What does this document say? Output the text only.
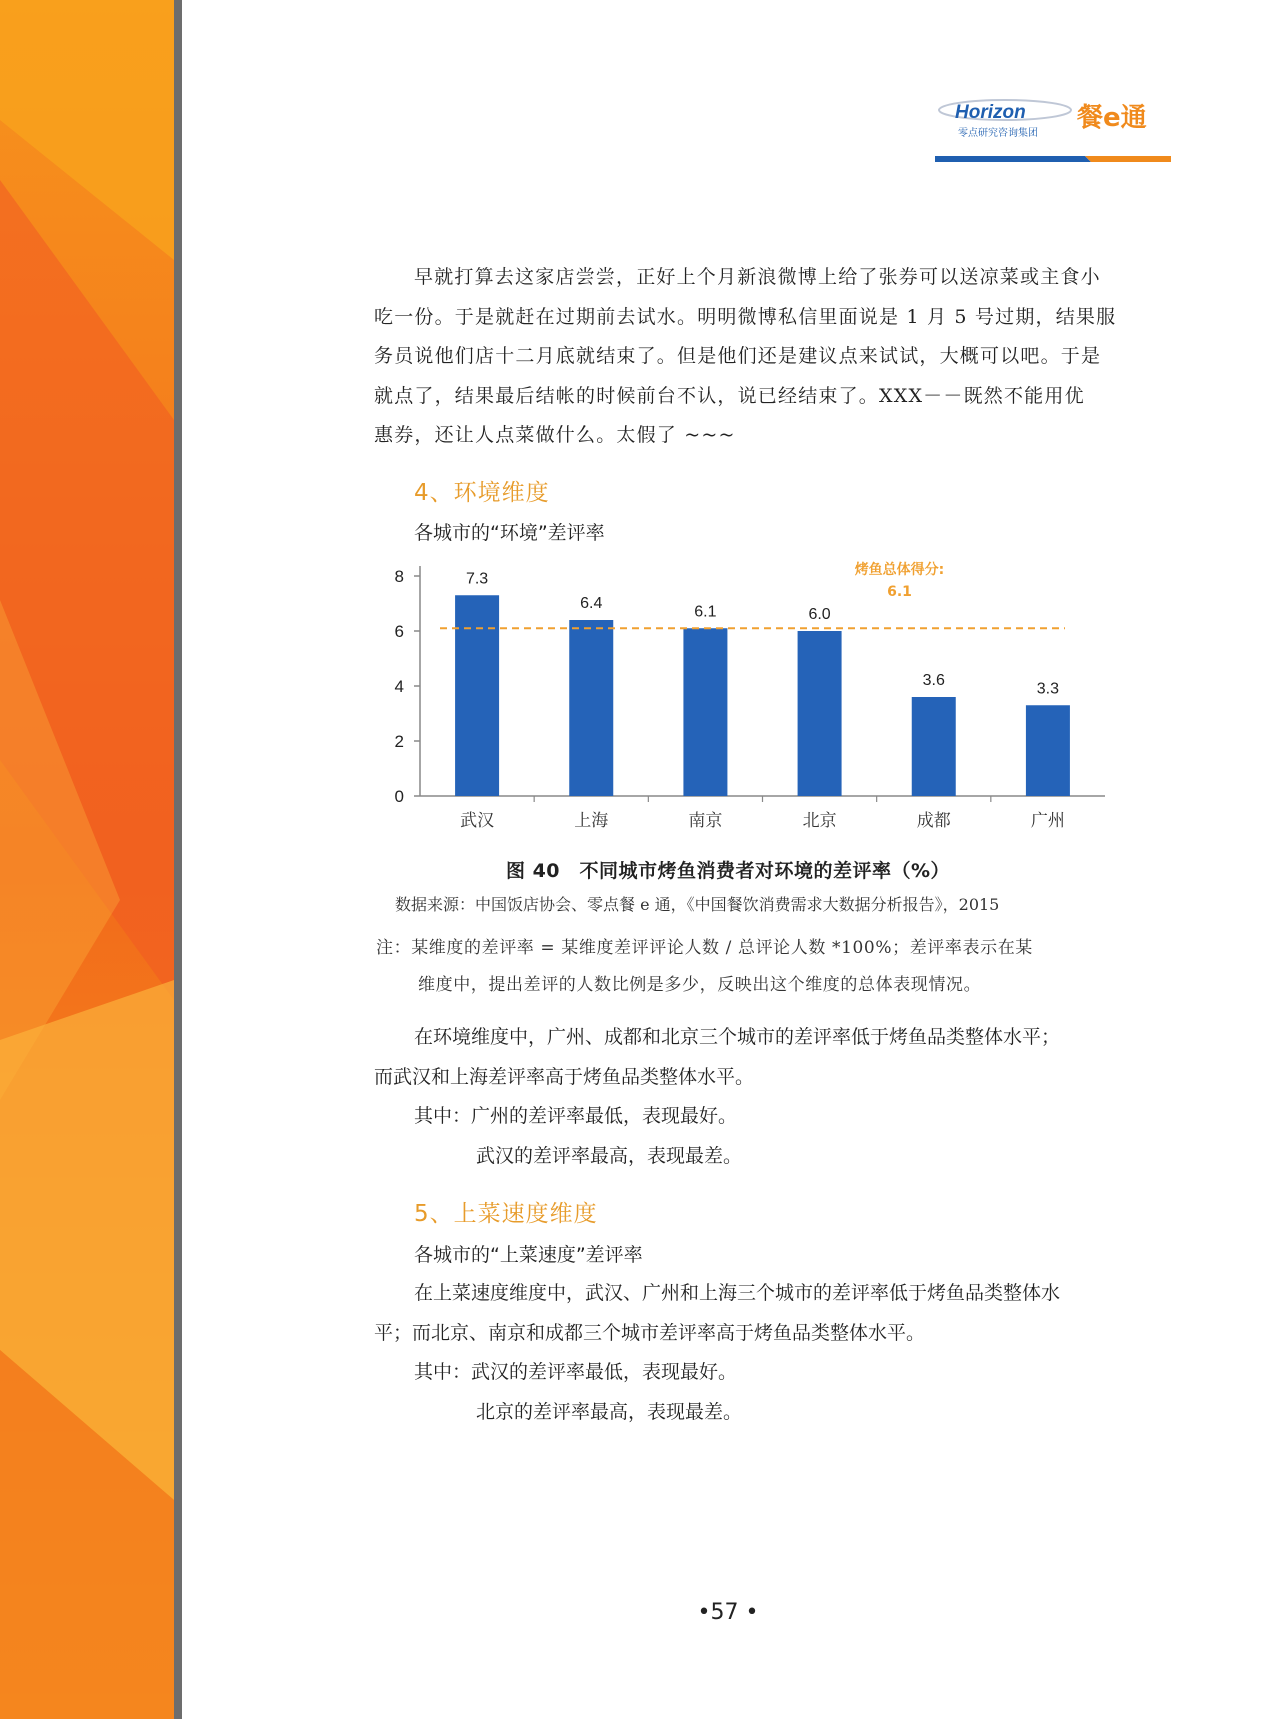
Horizon
零点研究咨询集团
餐e通

早就打算去这家店尝尝，正好上个月新浪微博上给了张券可以送凉菜或主食小

吃一份。于是就赶在过期前去试水。明明微博私信里面说是 1 月 5 号过期，结果服

务员说他们店十二月底就结束了。但是他们还是建议点来试试，大概可以吧。于是

就点了，结果最后结帐的时候前台不认，说已经结束了。XXX－－既然不能用优

惠券，还让人点菜做什么。太假了 ~~~

4、环境维度
各城市的“环境”差评率
0
2
4
6
8	7.3
武汉
6.4
上海
6.1
南京
6.0
北京
3.6
成都
3.3
广州
烤鱼总体得分:
6.1
图 40　不同城市烤鱼消费者对环境的差评率（%）
数据来源：中国饭店协会、零点餐 e 通，《中国餐饮消费需求大数据分析报告》，2015

注：某维度的差评率 = 某维度差评评论人数 / 总评论人数 *100%；差评率表示在某

维度中，提出差评的人数比例是多少，反映出这个维度的总体表现情况。

在环境维度中，广州、成都和北京三个城市的差评率低于烤鱼品类整体水平；

而武汉和上海差评率高于烤鱼品类整体水平。

其中：广州的差评率最低，表现最好。

武汉的差评率最高，表现最差。

5、上菜速度维度
各城市的“上菜速度”差评率

在上菜速度维度中，武汉、广州和上海三个城市的差评率低于烤鱼品类整体水

平；而北京、南京和成都三个城市差评率高于烤鱼品类整体水平。

其中：武汉的差评率最低，表现最好。

北京的差评率最高，表现最差。

•57 •
